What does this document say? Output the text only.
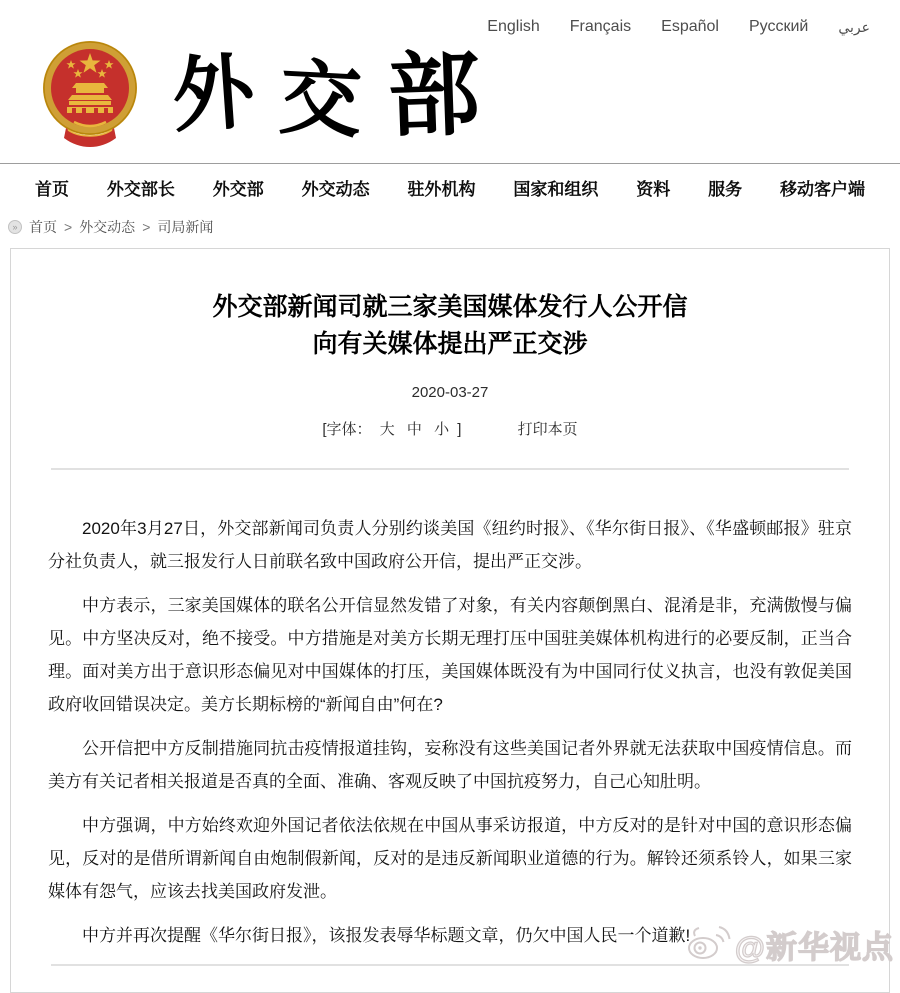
English Français Español Русский عربي
外 交 部
首页 外交部长 外交部 外交动态 驻外机构 国家和组织 资料 服务 移动客户端
» 首页 > 外交动态 > 司局新闻
外交部新闻司就三家美国媒体发行人公开信
向有关媒体提出严正交涉
2020-03-27
[字体： 大 中 小 ]	打印本页

2020年3月27日，外交部新闻司负责人分别约谈美国《纽约时报》、《华尔街日报》、《华盛顿邮报》驻京分社负责人，就三报发行人日前联名致中国政府公开信，提出严正交涉。

中方表示，三家美国媒体的联名公开信显然发错了对象，有关内容颠倒黑白、混淆是非，充满傲慢与偏见。中方坚决反对，绝不接受。中方措施是对美方长期无理打压中国驻美媒体机构进行的必要反制，正当合理。面对美方出于意识形态偏见对中国媒体的打压，美国媒体既没有为中国同行仗义执言，也没有敦促美国政府收回错误决定。美方长期标榜的“新闻自由”何在?

公开信把中方反制措施同抗击疫情报道挂钩，妄称没有这些美国记者外界就无法获取中国疫情信息。而美方有关记者相关报道是否真的全面、准确、客观反映了中国抗疫努力，自己心知肚明。

中方强调，中方始终欢迎外国记者依法依规在中国从事采访报道，中方反对的是针对中国的意识形态偏见，反对的是借所谓新闻自由炮制假新闻，反对的是违反新闻职业道德的行为。解铃还须系铃人，如果三家媒体有怨气，应该去找美国政府发泄。

中方并再次提醒《华尔街日报》，该报发表辱华标题文章，仍欠中国人民一个道歉!	@新华视点
